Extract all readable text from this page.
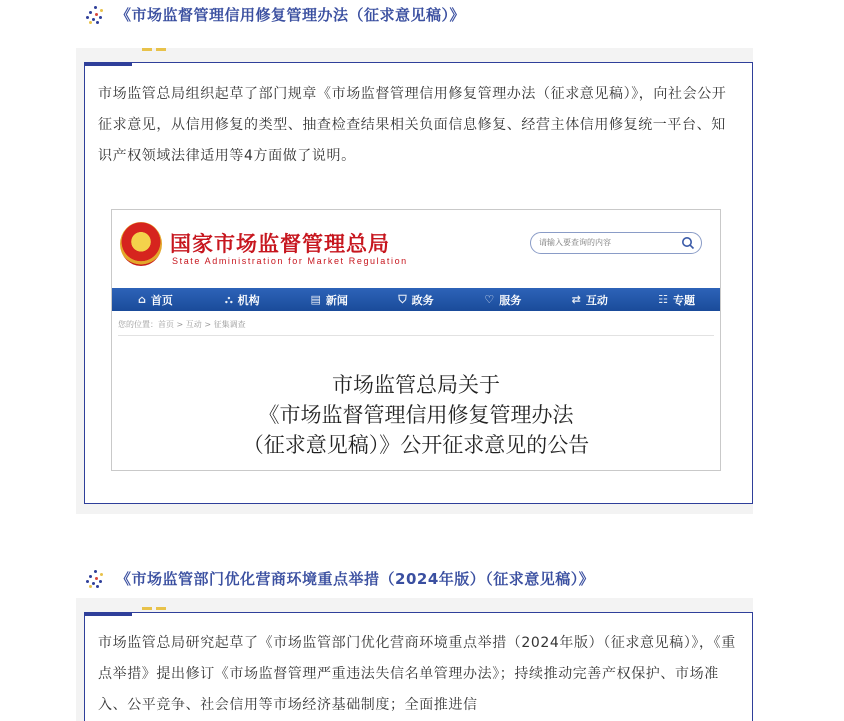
《市场监督管理信用修复管理办法（征求意见稿）》
市场监管总局组织起草了部门规章《市场监督管理信用修复管理办法（征求意见稿）》，向社会公开征求意见，从信用修复的类型、抽查检查结果相关负面信息修复、经营主体信用修复统一平台、知识产权领域法律适用等4方面做了说明。
国家市场监督管理总局
State Administration for Market Regulation
请输入要查询的内容
⌂ 首页	⛬ 机构	▤ 新闻	⛉ 政务	♡ 服务	⇄ 互动	☷ 专题
您的位置：首页 > 互动 > 征集调查
市场监管总局关于
《市场监督管理信用修复管理办法
（征求意见稿）》公开征求意见的公告
《市场监管部门优化营商环境重点举措（2024年版）（征求意见稿）》
市场监管总局研究起草了《市场监管部门优化营商环境重点举措（2024年版）（征求意见稿）》，《重点举措》提出修订《市场监督管理严重违法失信名单管理办法》；持续推动完善产权保护、市场准入、公平竞争、社会信用等市场经济基础制度；全面推进信
